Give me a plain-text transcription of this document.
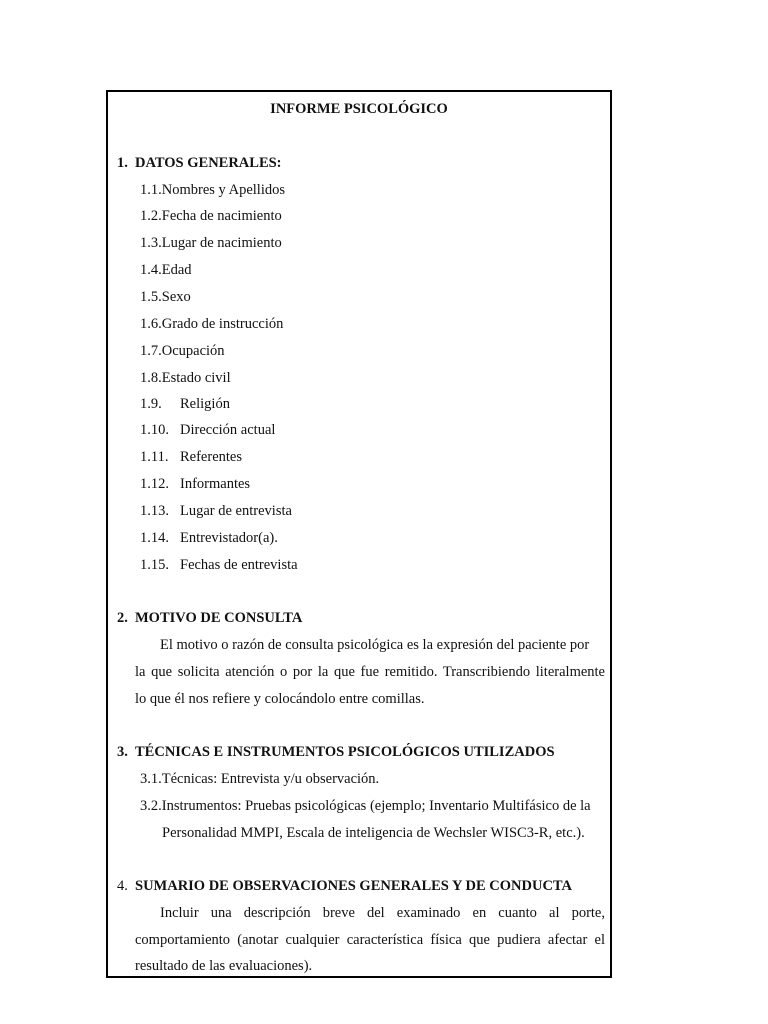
INFORME PSICOLÓGICO
1. DATOS GENERALES:
1.1.Nombres y Apellidos
1.2.Fecha de nacimiento
1.3.Lugar de nacimiento
1.4.Edad
1.5.Sexo
1.6.Grado de instrucción
1.7.Ocupación
1.8.Estado civil
1.9. Religión
1.10. Dirección actual
1.11. Referentes
1.12. Informantes
1.13. Lugar de entrevista
1.14. Entrevistador(a).
1.15. Fechas de entrevista
2. MOTIVO DE CONSULTA
El motivo o razón de consulta psicológica es la expresión del paciente por
la que solicita atención o por la que fue remitido. Transcribiendo literalmente
lo que él nos refiere y colocándolo entre comillas.
3. TÉCNICAS E INSTRUMENTOS PSICOLÓGICOS UTILIZADOS
3.1.Técnicas: Entrevista y/u observación.
3.2.Instrumentos: Pruebas psicológicas (ejemplo; Inventario Multifásico de la
Personalidad MMPI, Escala de inteligencia de Wechsler WISC3-R, etc.).
4. SUMARIO DE OBSERVACIONES GENERALES Y DE CONDUCTA
Incluir una descripción breve del examinado en cuanto al porte,
comportamiento (anotar cualquier característica física que pudiera afectar el
resultado de las evaluaciones).
